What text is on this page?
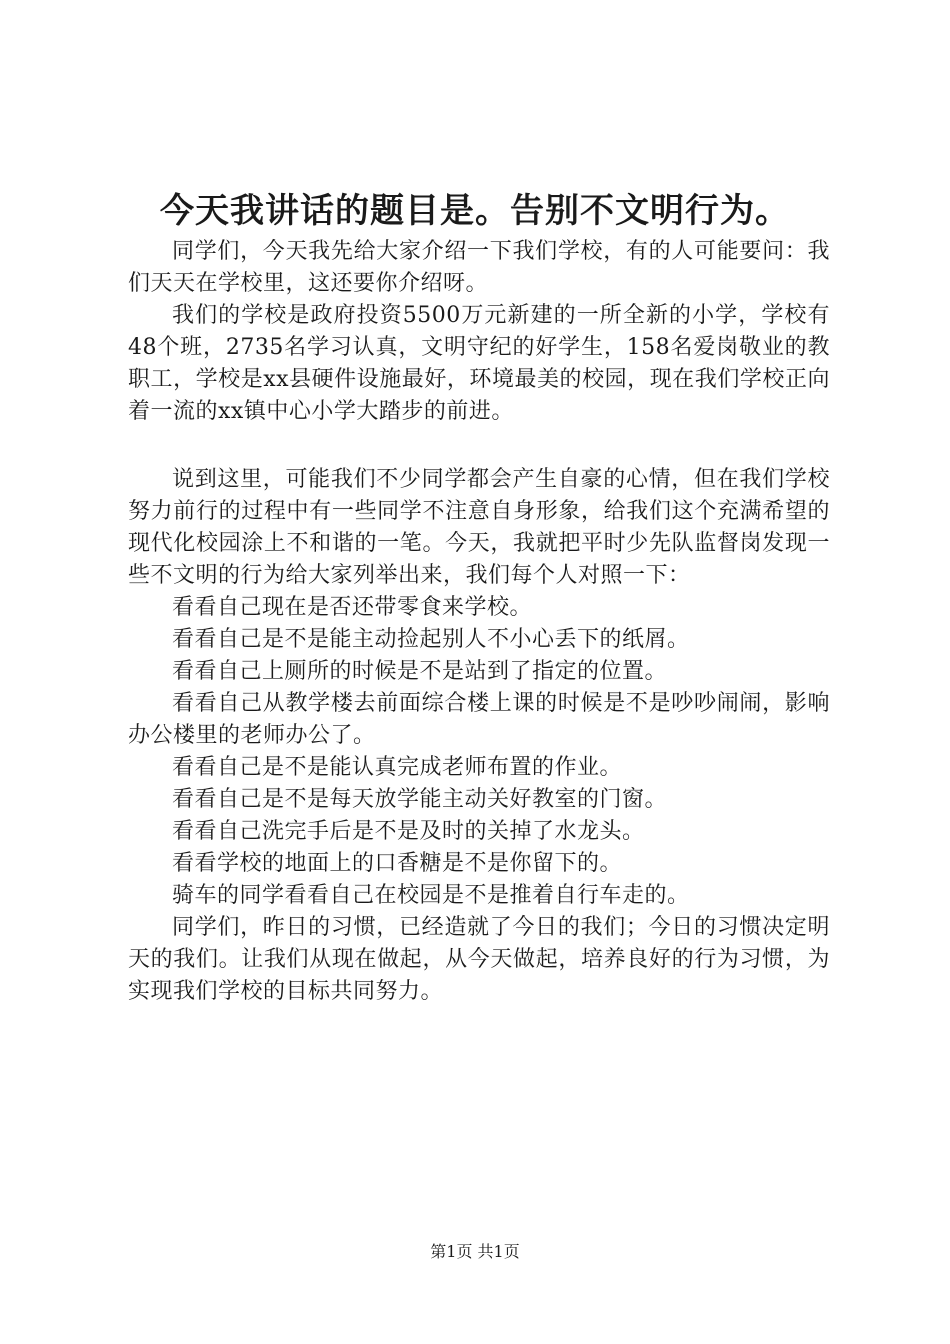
今天我讲话的题目是。告别不文明行为。

同学们，今天我先给大家介绍一下我们学校，有的人可能要问：我们天天在学校里，这还要你介绍呀。

我们的学校是政府投资5500万元新建的一所全新的小学，学校有48个班，2735名学习认真，文明守纪的好学生，158名爱岗敬业的教职工，学校是xx县硬件设施最好，环境最美的校园，现在我们学校正向着一流的xx镇中心小学大踏步的前进。

说到这里，可能我们不少同学都会产生自豪的心情，但在我们学校努力前行的过程中有一些同学不注意自身形象，给我们这个充满希望的现代化校园涂上不和谐的一笔。今天，我就把平时少先队监督岗发现一些不文明的行为给大家列举出来，我们每个人对照一下：

看看自己现在是否还带零食来学校。

看看自己是不是能主动捡起别人不小心丢下的纸屑。

看看自己上厕所的时候是不是站到了指定的位置。

看看自己从教学楼去前面综合楼上课的时候是不是吵吵闹闹，影响办公楼里的老师办公了。

看看自己是不是能认真完成老师布置的作业。

看看自己是不是每天放学能主动关好教室的门窗。

看看自己洗完手后是不是及时的关掉了水龙头。

看看学校的地面上的口香糖是不是你留下的。

骑车的同学看看自己在校园是不是推着自行车走的。

同学们，昨日的习惯，已经造就了今日的我们；今日的习惯决定明天的我们。让我们从现在做起，从今天做起，培养良好的行为习惯，为实现我们学校的目标共同努力。

第1页 共1页
